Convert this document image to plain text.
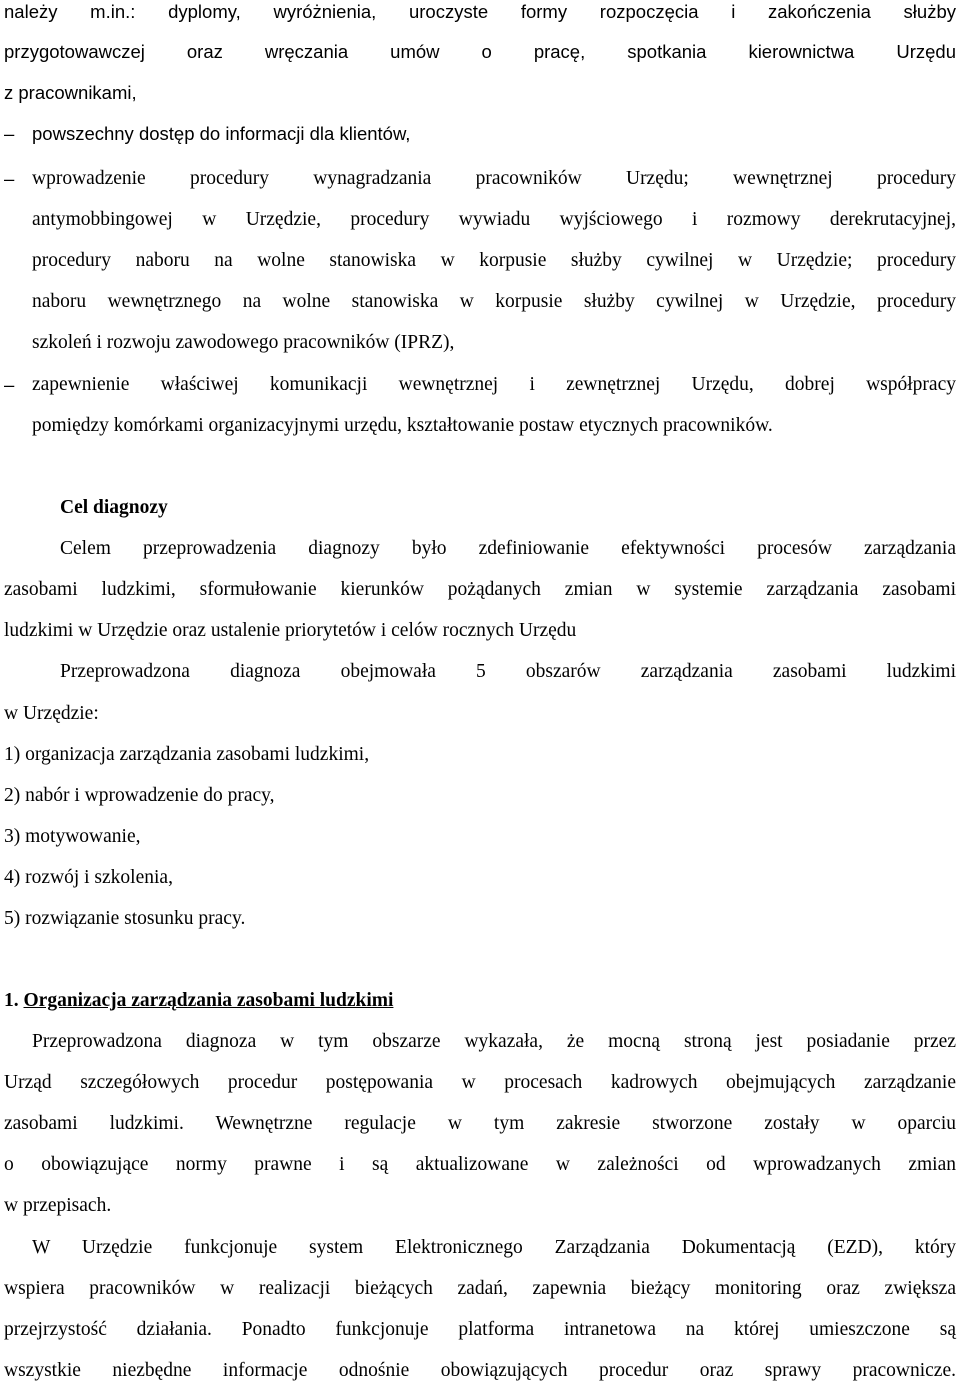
należy m.in.: dyplomy, wyróżnienia, uroczyste formy rozpoczęcia i zakończenia służby
przygotowawczej oraz wręczania umów o pracę, spotkania kierownictwa Urzędu
z pracownikami,
– powszechny dostęp do informacji dla klientów,
– wprowadzenie procedury wynagradzania pracowników Urzędu; wewnętrznej procedury
antymobbingowej w Urzędzie, procedury wywiadu wyjściowego i rozmowy derekrutacyjnej,
procedury naboru na wolne stanowiska w korpusie służby cywilnej w Urzędzie; procedury
naboru wewnętrznego na wolne stanowiska w korpusie służby cywilnej w Urzędzie, procedury
szkoleń i rozwoju zawodowego pracowników (IPRZ),
– zapewnienie właściwej komunikacji wewnętrznej i zewnętrznej Urzędu, dobrej współpracy
pomiędzy komórkami organizacyjnymi urzędu, kształtowanie postaw etycznych pracowników.
Cel diagnozy
Celem przeprowadzenia diagnozy było zdefiniowanie efektywności procesów zarządzania
zasobami ludzkimi, sformułowanie kierunków pożądanych zmian w systemie zarządzania zasobami
ludzkimi w Urzędzie oraz ustalenie priorytetów i celów rocznych Urzędu
Przeprowadzona diagnoza obejmowała 5 obszarów zarządzania zasobami ludzkimi
w Urzędzie:
1) organizacja zarządzania zasobami ludzkimi,
2) nabór i wprowadzenie do pracy,
3) motywowanie,
4) rozwój i szkolenia,
5) rozwiązanie stosunku pracy.
1. Organizacja zarządzania zasobami ludzkimi
Przeprowadzona diagnoza w tym obszarze wykazała, że mocną stroną jest posiadanie przez
Urząd szczegółowych procedur postępowania w procesach kadrowych obejmujących zarządzanie
zasobami ludzkimi. Wewnętrzne regulacje w tym zakresie stworzone zostały w oparciu
o obowiązujące normy prawne i są aktualizowane w zależności od wprowadzanych zmian
w przepisach.
W Urzędzie funkcjonuje system Elektronicznego Zarządzania Dokumentacją (EZD), który
wspiera pracowników w realizacji bieżących zadań, zapewnia bieżący monitoring oraz zwiększa
przejrzystość działania. Ponadto funkcjonuje platforma intranetowa na której umieszczone są
wszystkie niezbędne informacje odnośnie obowiązujących procedur oraz sprawy pracownicze.
